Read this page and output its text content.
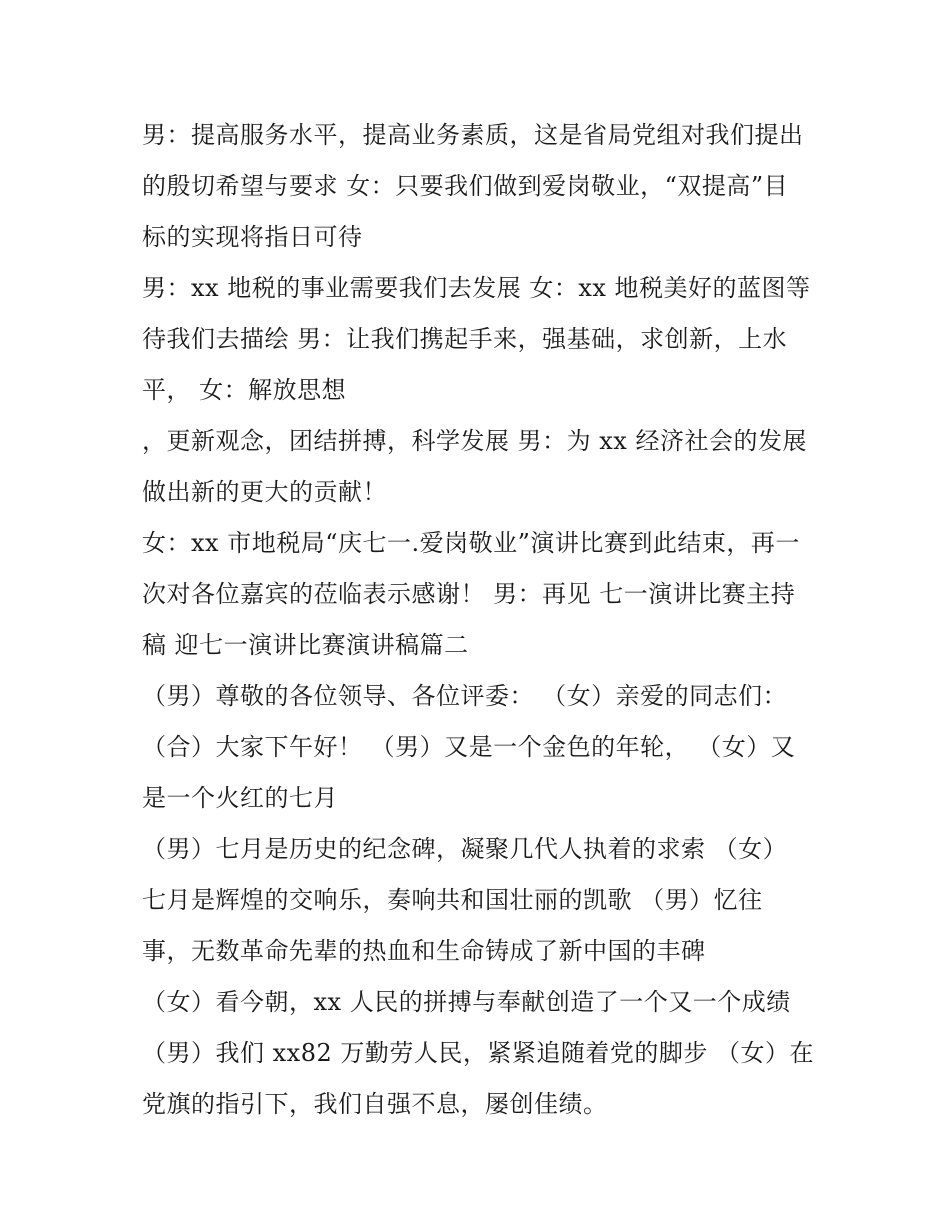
男：提高服务水平，提高业务素质，这是省局党组对我们提出
的殷切希望与要求 女：只要我们做到爱岗敬业，“双提高”目
标的实现将指日可待
男：xx 地税的事业需要我们去发展 女：xx 地税美好的蓝图等
待我们去描绘 男：让我们携起手来，强基础，求创新，上水
平， 女：解放思想
，更新观念，团结拼搏，科学发展 男：为 xx 经济社会的发展
做出新的更大的贡献！
女：xx 市地税局“庆七一.爱岗敬业”演讲比赛到此结束，再一
次对各位嘉宾的莅临表示感谢！ 男：再见 七一演讲比赛主持
稿 迎七一演讲比赛演讲稿篇二
（男）尊敬的各位领导、各位评委： （女）亲爱的同志们：
（合）大家下午好！ （男）又是一个金色的年轮， （女）又
是一个火红的七月
（男）七月是历史的纪念碑，凝聚几代人执着的求索 （女）
七月是辉煌的交响乐，奏响共和国壮丽的凯歌 （男）忆往
事，无数革命先辈的热血和生命铸成了新中国的丰碑
（女）看今朝，xx 人民的拼搏与奉献创造了一个又一个成绩
（男）我们 xx82 万勤劳人民，紧紧追随着党的脚步 （女）在
党旗的指引下，我们自强不息，屡创佳绩。
